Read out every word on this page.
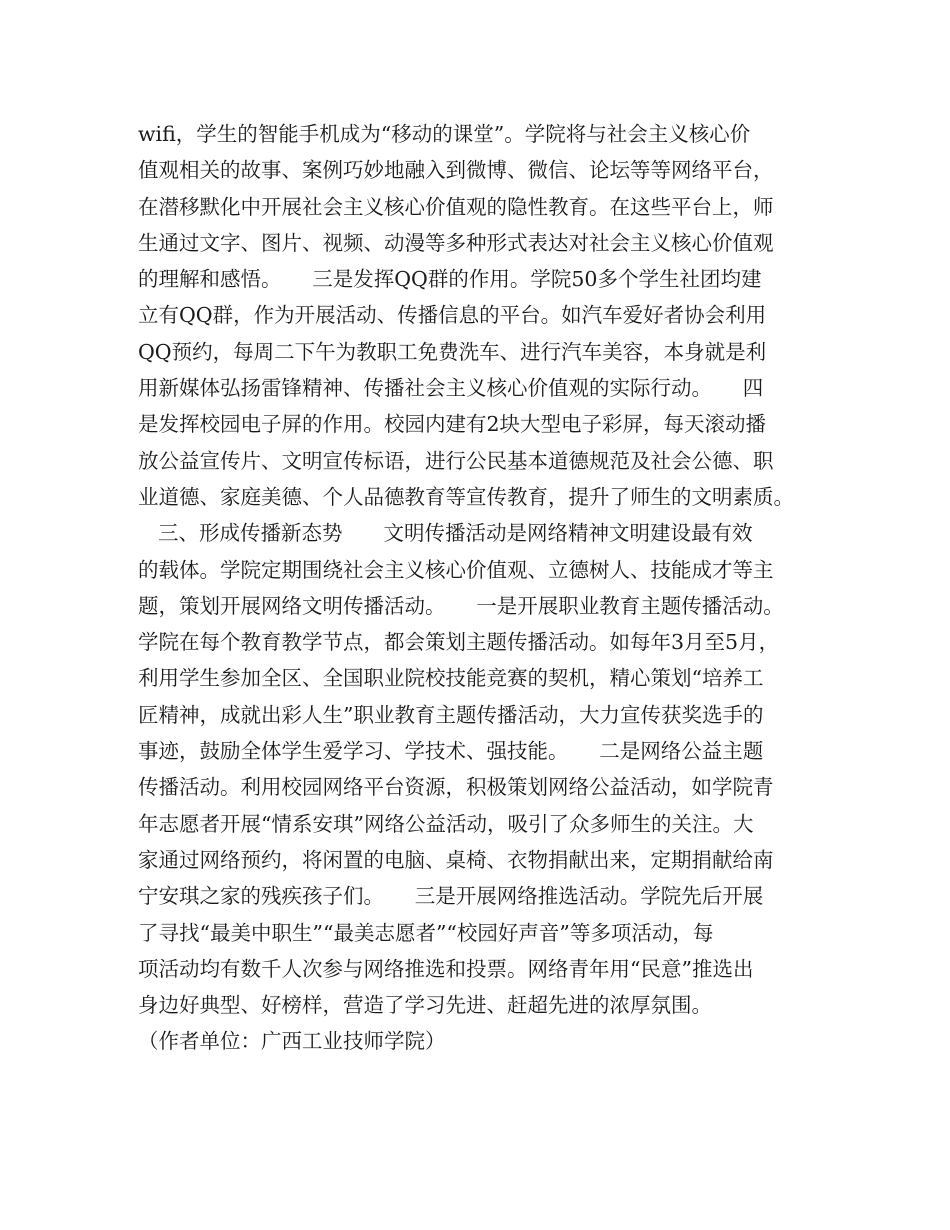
wifi，学生的智能手机成为“移动的课堂”。学院将与社会主义核心价
值观相关的故事、案例巧妙地融入到微博、微信、论坛等等网络平台，
在潜移默化中开展社会主义核心价值观的隐性教育。在这些平台上，师
生通过文字、图片、视频、动漫等多种形式表达对社会主义核心价值观
的理解和感悟。　　三是发挥QQ群的作用。学院50多个学生社团均建
立有QQ群，作为开展活动、传播信息的平台。如汽车爱好者协会利用
QQ预约，每周二下午为教职工免费洗车、进行汽车美容，本身就是利
用新媒体弘扬雷锋精神、传播社会主义核心价值观的实际行动。　　四
是发挥校园电子屏的作用。校园内建有2块大型电子彩屏，每天滚动播
放公益宣传片、文明宣传标语，进行公民基本道德规范及社会公德、职
业道德、家庭美德、个人品德教育等宣传教育，提升了师生的文明素质。
三、形成传播新态势　　文明传播活动是网络精神文明建设最有效
的载体。学院定期围绕社会主义核心价值观、立德树人、技能成才等主
题，策划开展网络文明传播活动。　　一是开展职业教育主题传播活动。
学院在每个教育教学节点，都会策划主题传播活动。如每年3月至5月，
利用学生参加全区、全国职业院校技能竞赛的契机，精心策划“培养工
匠精神，成就出彩人生”职业教育主题传播活动，大力宣传获奖选手的
事迹，鼓励全体学生爱学习、学技术、强技能。　　二是网络公益主题
传播活动。利用校园网络平台资源，积极策划网络公益活动，如学院青
年志愿者开展“情系安琪”网络公益活动，吸引了众多师生的关注。大
家通过网络预约，将闲置的电脑、桌椅、衣物捐献出来，定期捐献给南
宁安琪之家的残疾孩子们。　　三是开展网络推选活动。学院先后开展
了寻找“最美中职生”“最美志愿者”“校园好声音”等多项活动，每
项活动均有数千人次参与网络推选和投票。网络青年用“民意”推选出
身边好典型、好榜样，营造了学习先进、赶超先进的浓厚氛围。
（作者单位：广西工业技师学院）
